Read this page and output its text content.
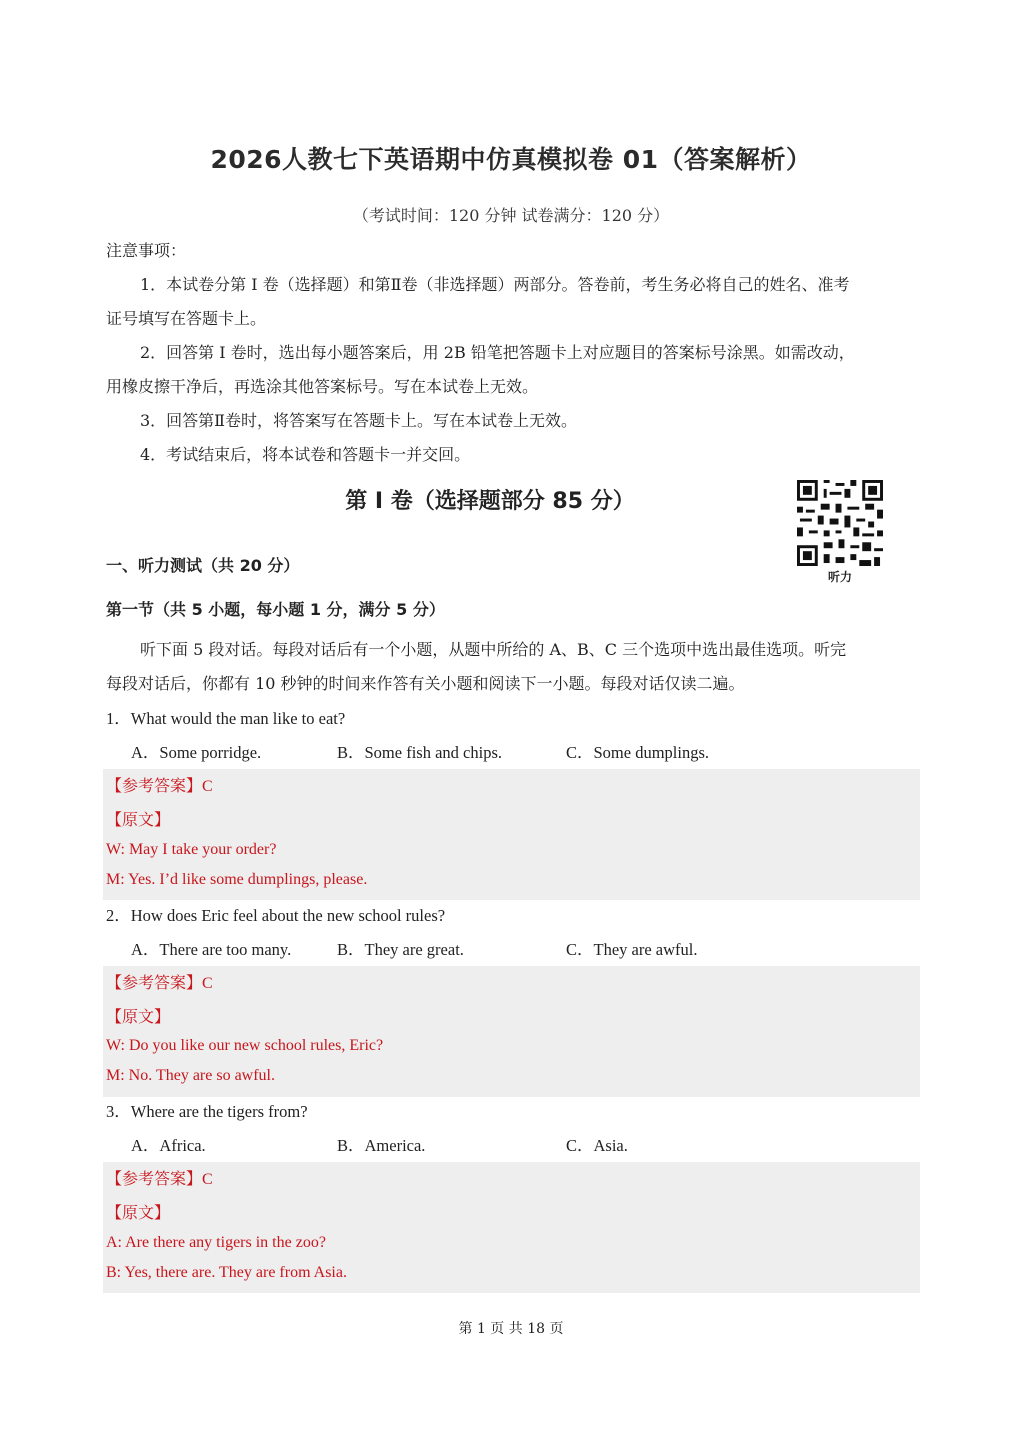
2026人教七下英语期中仿真模拟卷 01（答案解析）
（考试时间：120 分钟 试卷满分：120 分）
注意事项：
1．本试卷分第 I 卷（选择题）和第Ⅱ卷（非选择题）两部分。答卷前，考生务必将自己的姓名、准考
证号填写在答题卡上。
2．回答第 I 卷时，选出每小题答案后，用 2B 铅笔把答题卡上对应题目的答案标号涂黑。如需改动，
用橡皮擦干净后，再选涂其他答案标号。写在本试卷上无效。
3．回答第Ⅱ卷时，将答案写在答题卡上。写在本试卷上无效。
4．考试结束后，将本试卷和答题卡一并交回。
第 I 卷（选择题部分 85 分）
听力
一、听力测试（共 20 分）
第一节（共 5 小题，每小题 1 分，满分 5 分）
听下面 5 段对话。每段对话后有一个小题，从题中所给的 A、B、C 三个选项中选出最佳选项。听完
每段对话后，你都有 10 秒钟的时间来作答有关小题和阅读下一小题。每段对话仅读二遍。
1．What would the man like to eat?
A．Some porridge.	B．Some fish and chips.	C．Some dumplings.
【参考答案】C
【原文】
W: May I take your order?
M: Yes. I’d like some dumplings, please.
2．How does Eric feel about the new school rules?
A．There are too many.	B．They are great.	C．They are awful.
【参考答案】C
【原文】
W: Do you like our new school rules, Eric?
M: No. They are so awful.
3．Where are the tigers from?
A．Africa.	B．America.	C．Asia.
【参考答案】C
【原文】
A: Are there any tigers in the zoo?
B: Yes, there are. They are from Asia.
第 1 页 共 18 页
